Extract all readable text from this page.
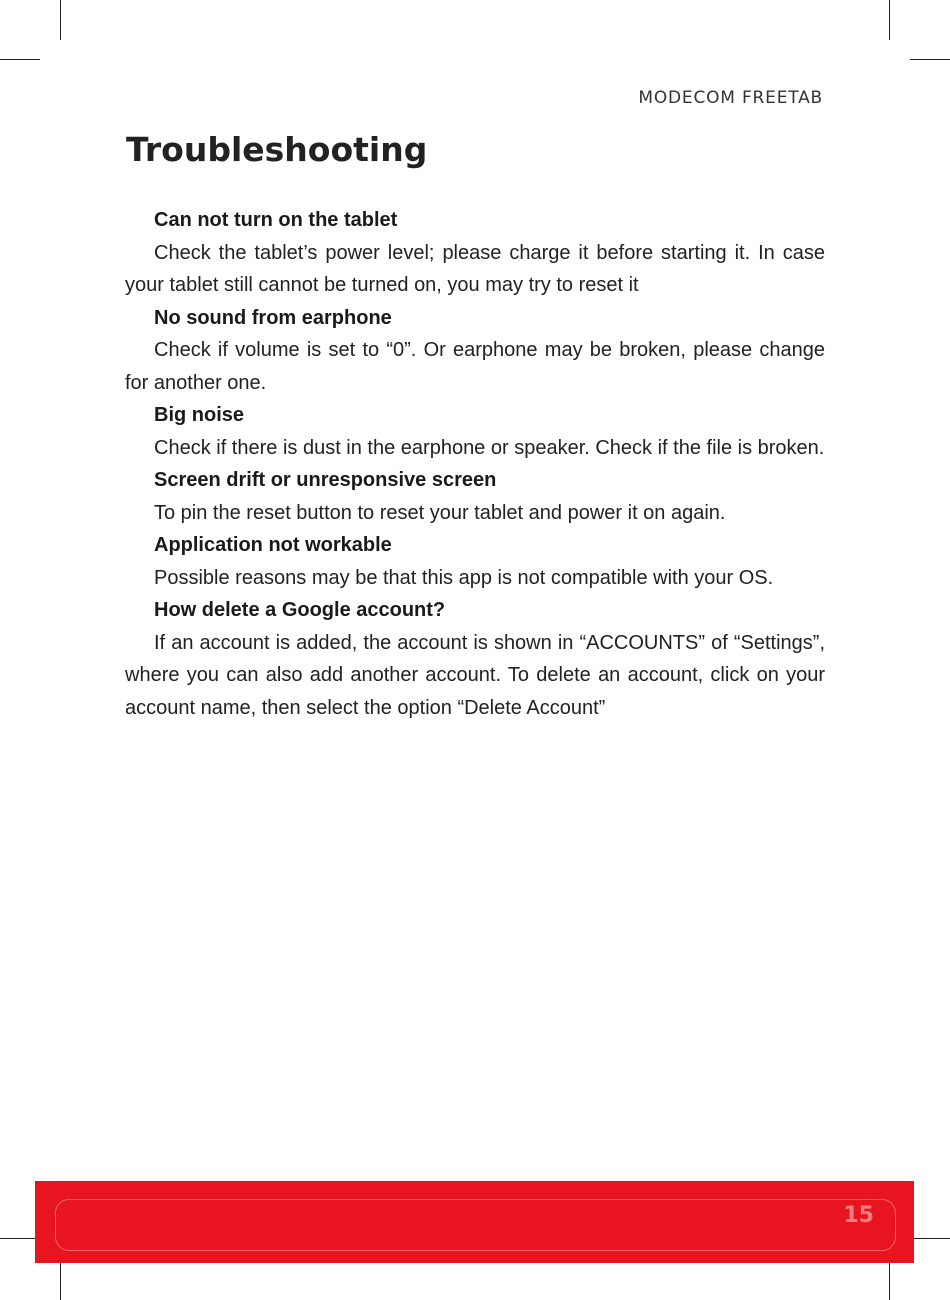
MODECOM FREETAB
Troubleshooting

Can not turn on the tablet

Check the tablet’s power level; please charge it before starting it. In case your tablet still cannot be turned on, you may try to reset it

No sound from earphone

Check if volume is set to “0”. Or earphone may be broken, please change for another one.

Big noise

Check if there is dust in the earphone or speaker. Check if the file is broken.

Screen drift or unresponsive screen

To pin the reset button to reset your tablet and power it on again.

Application not workable

Possible reasons may be that this app is not compatible with your OS.

How delete a Google account?

If an account is added, the account is shown in “ACCOUNTS” of “Settings”, where you can also add another account. To delete an account, click on your account name, then select the option “Delete Account”

15
